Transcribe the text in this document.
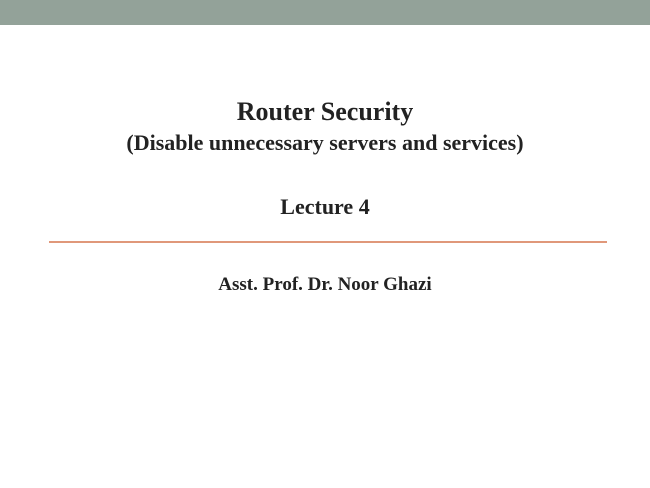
Router Security
(Disable unnecessary servers and services)
Lecture 4
Asst. Prof. Dr. Noor Ghazi
